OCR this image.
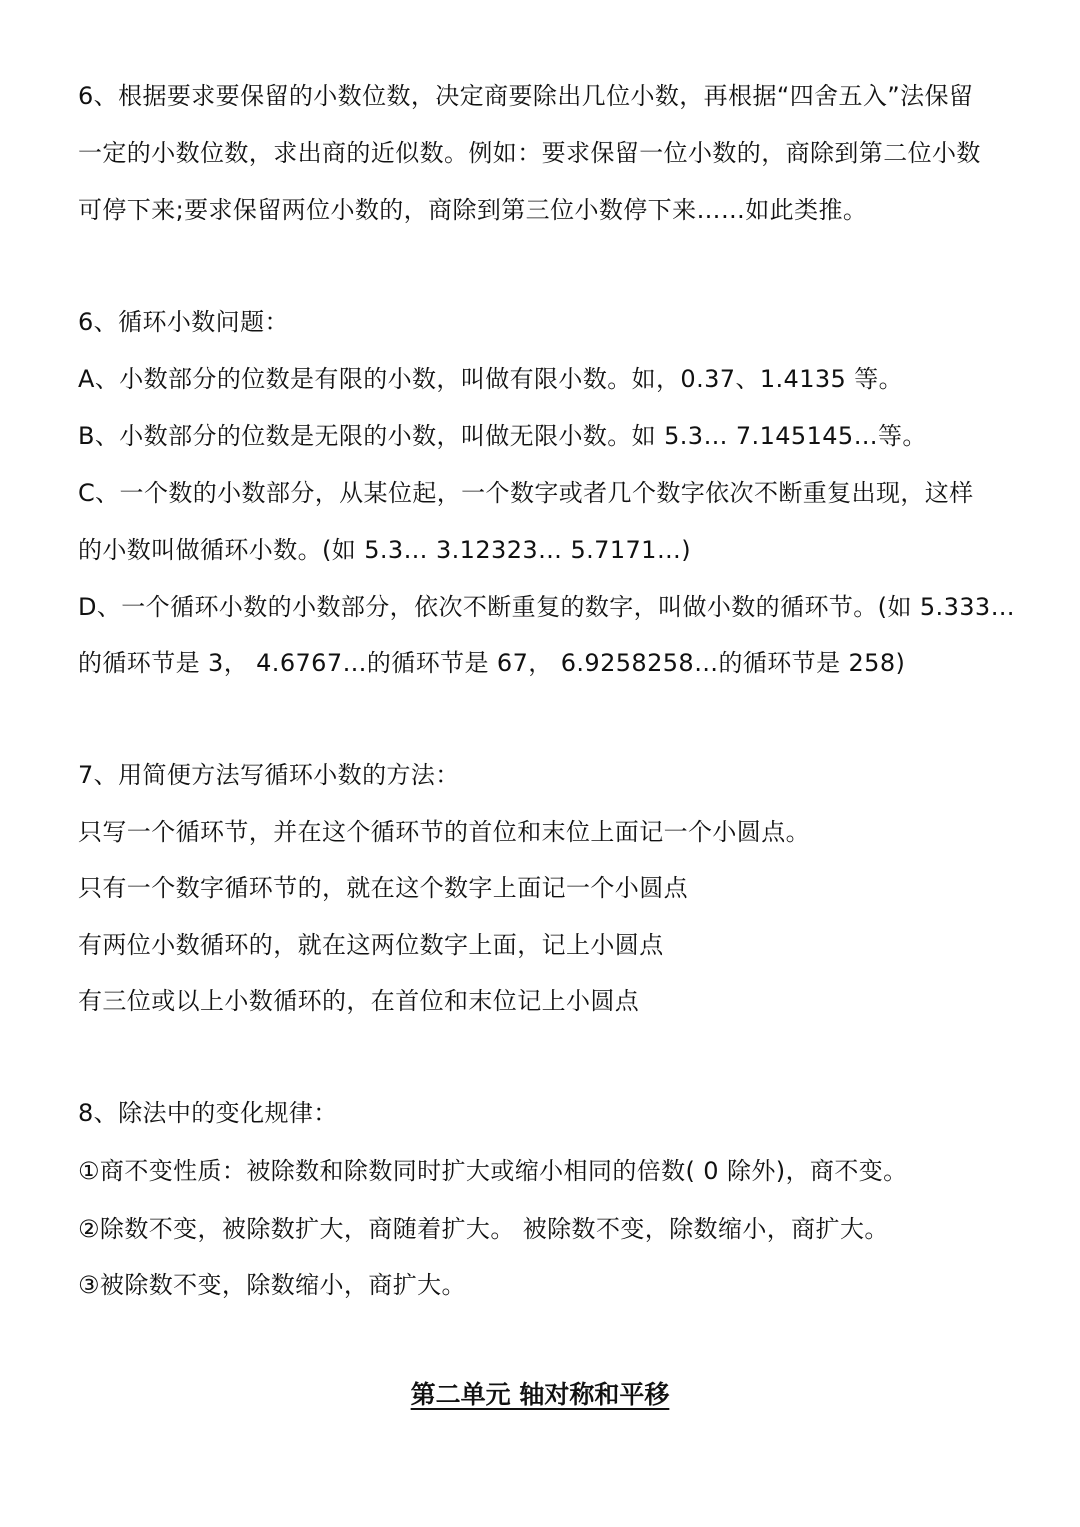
6、根据要求要保留的小数位数，决定商要除出几位小数，再根据“四舍五入”法保留
一定的小数位数，求出商的近似数。例如：要求保留一位小数的，商除到第二位小数
可停下来;要求保留两位小数的，商除到第三位小数停下来……如此类推。
6、循环小数问题：
A、小数部分的位数是有限的小数，叫做有限小数。如，0.37、1.4135 等。
B、小数部分的位数是无限的小数，叫做无限小数。如 5.3… 7.145145…等。
C、一个数的小数部分，从某位起，一个数字或者几个数字依次不断重复出现，这样
的小数叫做循环小数。(如 5.3… 3.12323… 5.7171…)
D、一个循环小数的小数部分，依次不断重复的数字，叫做小数的循环节。(如 5.333…
的循环节是 3， 4.6767…的循环节是 67， 6.9258258…的循环节是 258)
7、用简便方法写循环小数的方法：
只写一个循环节，并在这个循环节的首位和末位上面记一个小圆点。
只有一个数字循环节的，就在这个数字上面记一个小圆点
有两位小数循环的，就在这两位数字上面，记上小圆点
有三位或以上小数循环的，在首位和末位记上小圆点
8、除法中的变化规律：
①商不变性质：被除数和除数同时扩大或缩小相同的倍数( 0 除外)，商不变。
②除数不变，被除数扩大，商随着扩大。 被除数不变，除数缩小，商扩大。
③被除数不变，除数缩小，商扩大。
第二单元 轴对称和平移
